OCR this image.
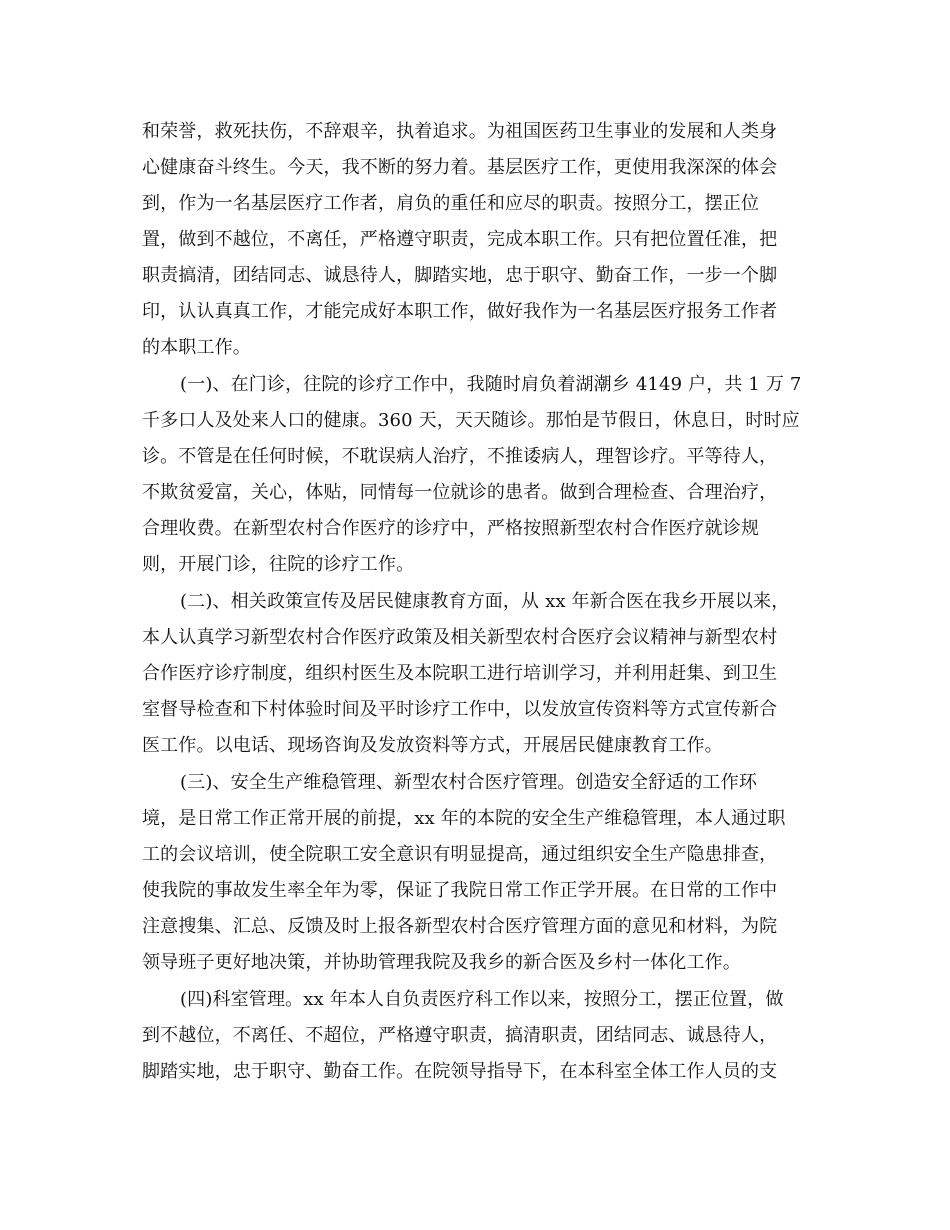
和荣誉，救死扶伤，不辞艰辛，执着追求。为祖国医药卫生事业的发展和人类身
心健康奋斗终生。今天，我不断的努力着。基层医疗工作，更使用我深深的体会
到，作为一名基层医疗工作者，肩负的重任和应尽的职责。按照分工，摆正位
置，做到不越位，不离任，严格遵守职责，完成本职工作。只有把位置任准，把
职责搞清，团结同志、诚恳待人，脚踏实地，忠于职守、勤奋工作，一步一个脚
印，认认真真工作，才能完成好本职工作，做好我作为一名基层医疗报务工作者
的本职工作。
(一)、在门诊，往院的诊疗工作中，我随时肩负着湖潮乡 4149 户，共 1 万 7
千多口人及处来人口的健康。360 天，天天随诊。那怕是节假日，休息日，时时应
诊。不管是在任何时候，不耽误病人治疗，不推诿病人，理智诊疗。平等待人，
不欺贫爱富，关心，体贴，同情每一位就诊的患者。做到合理检查、合理治疗，
合理收费。在新型农村合作医疗的诊疗中，严格按照新型农村合作医疗就诊规
则，开展门诊，往院的诊疗工作。
(二)、相关政策宣传及居民健康教育方面，从 xx 年新合医在我乡开展以来，
本人认真学习新型农村合作医疗政策及相关新型农村合医疗会议精神与新型农村
合作医疗诊疗制度，组织村医生及本院职工进行培训学习，并利用赶集、到卫生
室督导检查和下村体验时间及平时诊疗工作中，以发放宣传资料等方式宣传新合
医工作。以电话、现场咨询及发放资料等方式，开展居民健康教育工作。
(三)、安全生产维稳管理、新型农村合医疗管理。创造安全舒适的工作环
境，是日常工作正常开展的前提，xx 年的本院的安全生产维稳管理，本人通过职
工的会议培训，使全院职工安全意识有明显提高，通过组织安全生产隐患排查，
使我院的事故发生率全年为零，保证了我院日常工作正学开展。在日常的工作中
注意搜集、汇总、反馈及时上报各新型农村合医疗管理方面的意见和材料，为院
领导班子更好地决策，并协助管理我院及我乡的新合医及乡村一体化工作。
(四)科室管理。xx 年本人自负责医疗科工作以来，按照分工，摆正位置，做
到不越位，不离任、不超位，严格遵守职责，搞清职责，团结同志、诚恳待人，
脚踏实地，忠于职守、勤奋工作。在院领导指导下，在本科室全体工作人员的支
